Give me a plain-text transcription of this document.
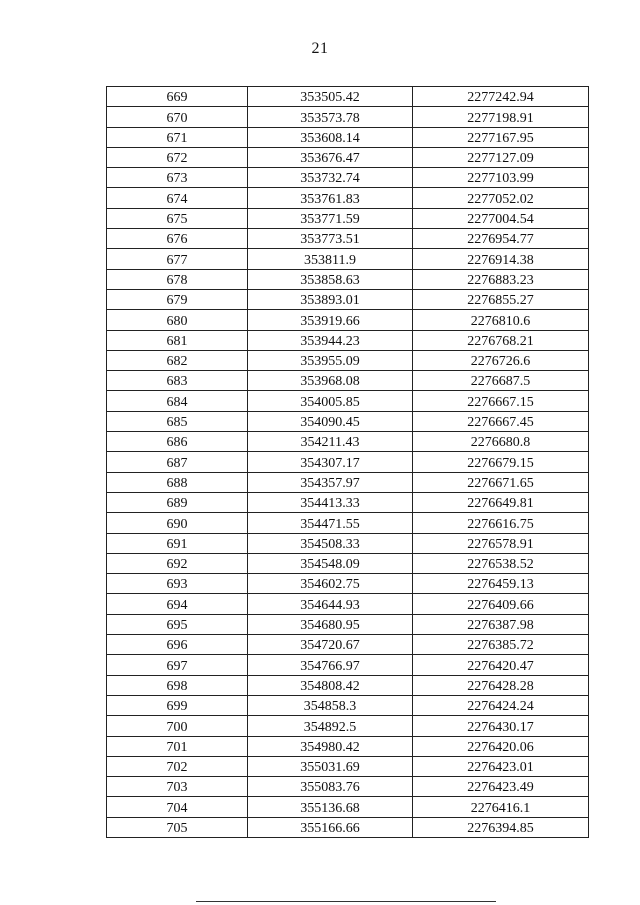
21
669	353505.42	2277242.94
670	353573.78	2277198.91
671	353608.14	2277167.95
672	353676.47	2277127.09
673	353732.74	2277103.99
674	353761.83	2277052.02
675	353771.59	2277004.54
676	353773.51	2276954.77
677	353811.9	2276914.38
678	353858.63	2276883.23
679	353893.01	2276855.27
680	353919.66	2276810.6
681	353944.23	2276768.21
682	353955.09	2276726.6
683	353968.08	2276687.5
684	354005.85	2276667.15
685	354090.45	2276667.45
686	354211.43	2276680.8
687	354307.17	2276679.15
688	354357.97	2276671.65
689	354413.33	2276649.81
690	354471.55	2276616.75
691	354508.33	2276578.91
692	354548.09	2276538.52
693	354602.75	2276459.13
694	354644.93	2276409.66
695	354680.95	2276387.98
696	354720.67	2276385.72
697	354766.97	2276420.47
698	354808.42	2276428.28
699	354858.3	2276424.24
700	354892.5	2276430.17
701	354980.42	2276420.06
702	355031.69	2276423.01
703	355083.76	2276423.49
704	355136.68	2276416.1
705	355166.66	2276394.85
